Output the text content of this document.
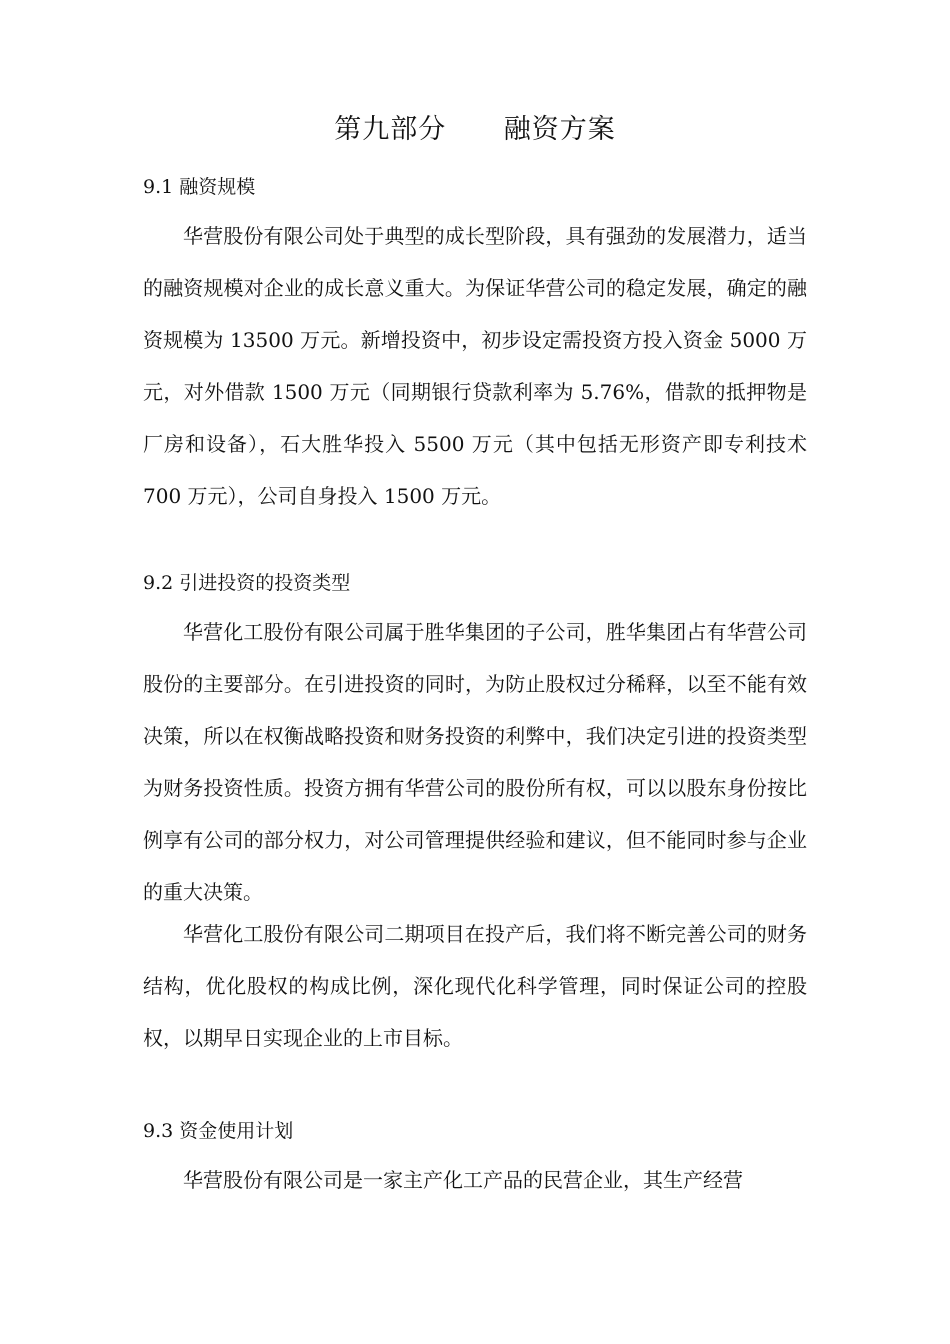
第九部分      融资方案
9.1 融资规模

华营股份有限公司处于典型的成长型阶段，具有强劲的发展潜力，适当的融资规模对企业的成长意义重大。为保证华营公司的稳定发展，确定的融资规模为 13500 万元。新增投资中，初步设定需投资方投入资金 5000 万元，对外借款 1500 万元（同期银行贷款利率为 5.76%，借款的抵押物是厂房和设备），石大胜华投入 5500 万元（其中包括无形资产即专利技术 700 万元），公司自身投入 1500 万元。

9.2 引进投资的投资类型

华营化工股份有限公司属于胜华集团的子公司，胜华集团占有华营公司股份的主要部分。在引进投资的同时，为防止股权过分稀释，以至不能有效决策，所以在权衡战略投资和财务投资的利弊中，我们决定引进的投资类型为财务投资性质。投资方拥有华营公司的股份所有权，可以以股东身份按比例享有公司的部分权力，对公司管理提供经验和建议，但不能同时参与企业的重大决策。

华营化工股份有限公司二期项目在投产后，我们将不断完善公司的财务结构，优化股权的构成比例，深化现代化科学管理，同时保证公司的控股权，以期早日实现企业的上市目标。

9.3 资金使用计划

华营股份有限公司是一家主产化工产品的民营企业，其生产经营
